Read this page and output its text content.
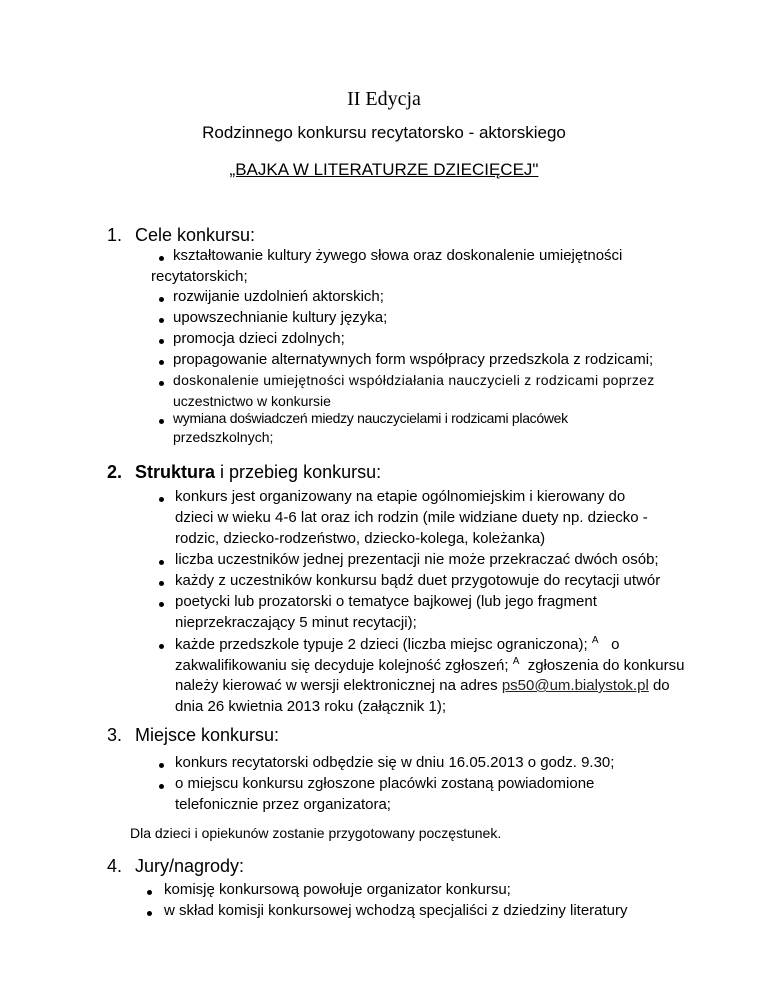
II Edycja
Rodzinnego konkursu recytatorsko - aktorskiego
„BAJKA W LITERATURZE DZIECIĘCEJ"
1. Cele konkursu:
kształtowanie kultury żywego słowa oraz doskonalenie umiejętności
recytatorskich;
rozwijanie uzdolnień aktorskich;
upowszechnianie kultury języka;
promocja dzieci zdolnych;
propagowanie alternatywnych form współpracy przedszkola z rodzicami;
doskonalenie umiejętności współdziałania nauczycieli z rodzicami poprzez
uczestnictwo w konkursie
wymiana doświadczeń miedzy nauczycielami i rodzicami placówek
przedszkolnych;
2. Struktura i przebieg konkursu:
konkurs jest organizowany na etapie ogólnomiejskim i kierowany do
dzieci w wieku 4-6 lat oraz ich rodzin (mile widziane duety np. dziecko -
rodzic, dziecko-rodzeństwo, dziecko-kolega, koleżanka)
liczba uczestników jednej prezentacji nie może przekraczać dwóch osób;
każdy z uczestników konkursu bądź duet przygotowuje do recytacji utwór
poetycki lub prozatorski o tematyce bajkowej (lub jego fragment
nieprzekraczający 5 minut recytacji);
każde przedszkole typuje 2 dzieci (liczba miejsc ograniczona); $^A$ o
zakwalifikowaniu się decyduje kolejność zgłoszeń; $^A$ zgłoszenia do konkursu
należy kierować w wersji elektronicznej na adres ps50@um.bialystok.pl do
dnia 26 kwietnia 2013 roku (załącznik 1);
3. Miejsce konkursu:
konkurs recytatorski odbędzie się w dniu 16.05.2013 o godz. 9.30;
o miejscu konkursu zgłoszone placówki zostaną powiadomione
telefonicznie przez organizatora;
Dla dzieci i opiekunów zostanie przygotowany poczęstunek.
4. Jury/nagrody:
komisję konkursową powołuje organizator konkursu;
w skład komisji konkursowej wchodzą specjaliści z dziedziny literatury
